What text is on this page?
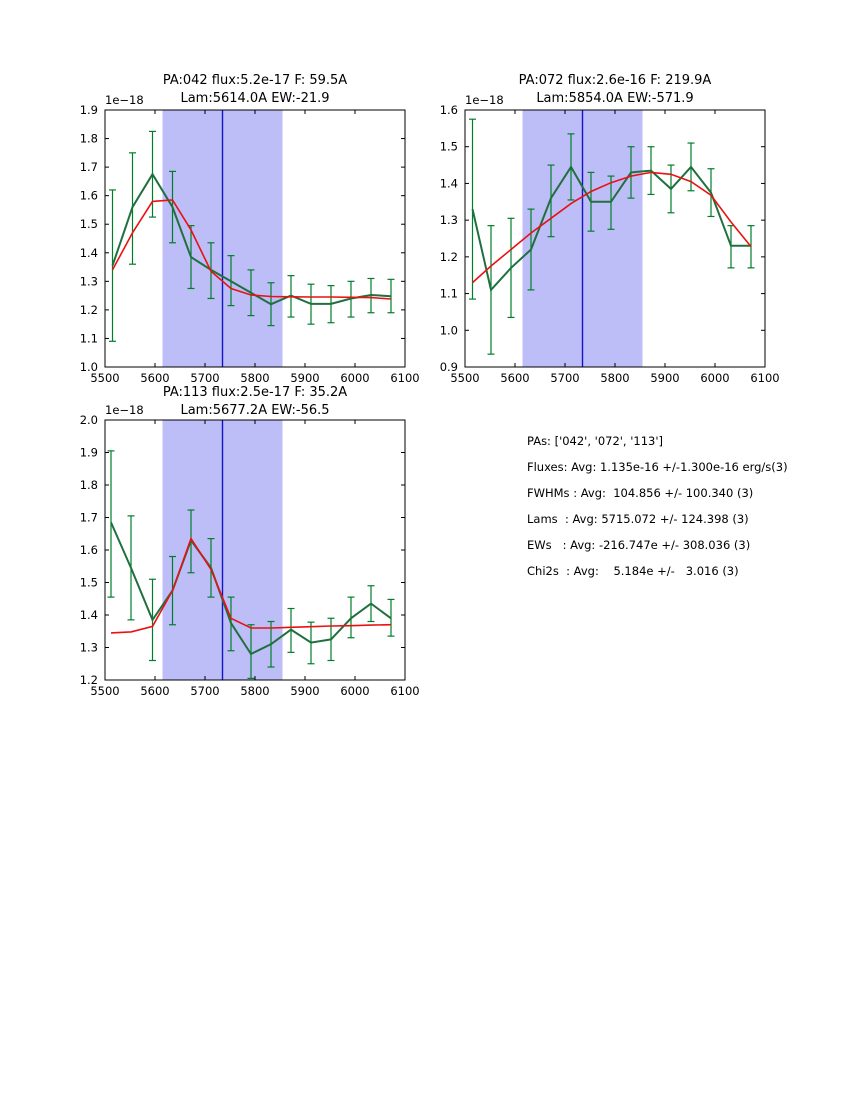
PA:042 flux:5.2e-17 F: 59.5A
Lam:5614.0A EW:-21.9
5500 5600 5700 5800 5900 6000 6100
1.0
1.1
1.2
1.3
1.4
1.5
1.6
1.7
1.8
1.9
1e−18
PA:072 flux:2.6e-16 F: 219.9A
Lam:5854.0A EW:-571.9
5500 5600 5700 5800 5900 6000 6100
0.9
1.0
1.1
1.2
1.3
1.4
1.5
1.6
1e−18
PA:113 flux:2.5e-17 F: 35.2A
Lam:5677.2A EW:-56.5
5500 5600 5700 5800 5900 6000 6100
1.2
1.3
1.4
1.5
1.6
1.7
1.8
1.9
2.0
1e−18
PAs: ['042', '072', '113']
Fluxes: Avg: 1.135e-16 +/-1.300e-16 erg/s(3)
FWHMs : Avg:  104.856 +/- 100.340 (3)
Lams  : Avg: 5715.072 +/- 124.398 (3)
EWs   : Avg: -216.747e +/- 308.036 (3)
Chi2s  : Avg:    5.184e +/-   3.016 (3)
